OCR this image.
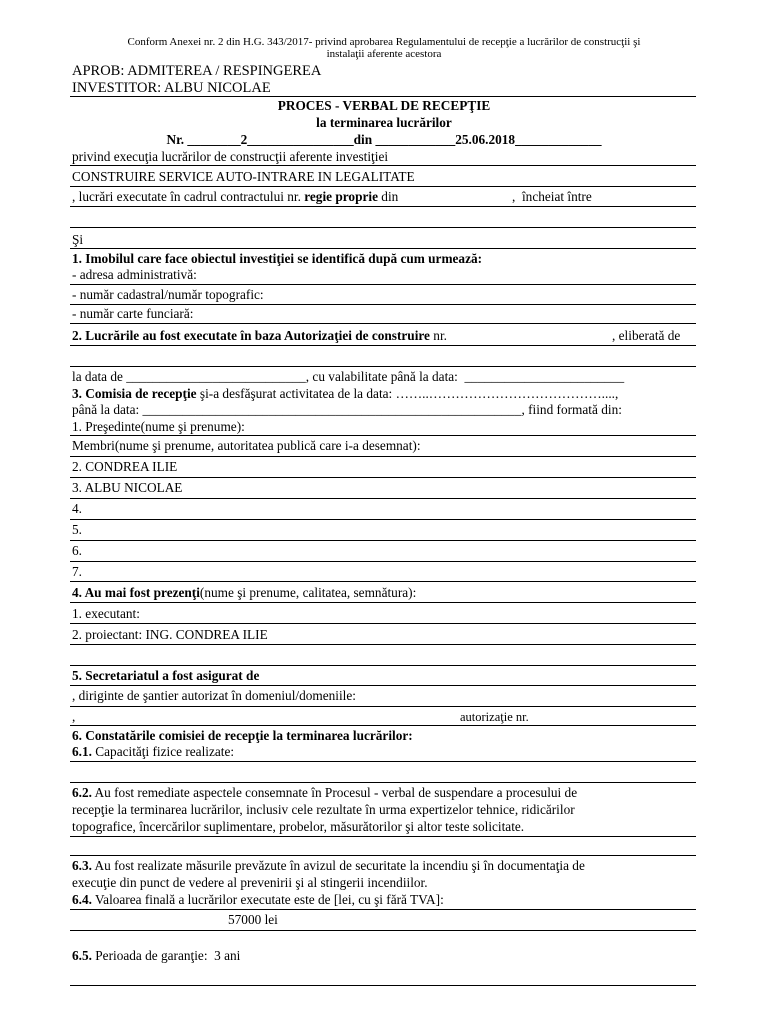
Conform Anexei nr. 2 din H.G. 343/2017- privind aprobarea Regulamentului de recepţie a lucrărilor de construcţii şi
instalaţii aferente acestora
APROB: ADMITEREA / RESPINGEREA
INVESTITOR: ALBU NICOLAE
PROCES - VERBAL DE RECEPŢIE
la terminarea lucrărilor
Nr. ________2________________din ____________25.06.2018_____________
privind execuţia lucrărilor de construcţii aferente investiţiei
CONSTRUIRE SERVICE AUTO-INTRARE IN LEGALITATE
, lucrări executate în cadrul contractului nr. regie proprie din	,  încheiat între
Şi
1. Imobilul care face obiectul investiţiei se identifică după cum urmează:
- adresa administrativă:
- număr cadastral/număr topografic:
- număr carte funciară:
2. Lucrările au fost executate în baza Autorizaţiei de construire nr.	, eliberată de
la data de ___________________________, cu valabilitate până la data:  ________________________
3. Comisia de recepţie şi-a desfăşurat activitatea de la data: ……..…………………………………....,
până la data: _________________________________________________________, fiind formată din:
1. Preşedinte(nume şi prenume):
Membri(nume şi prenume, autoritatea publică care i-a desemnat):
2. CONDREA ILIE
3. ALBU NICOLAE
4.
5.
6.
7.
4. Au mai fost prezenţi(nume şi prenume, calitatea, semnătura):
1. executant:
2. proiectant: ING. CONDREA ILIE
5. Secretariatul a fost asigurat de
, diriginte de şantier autorizat în domeniul/domeniile:
,	autorizaţie nr.
6. Constatările comisiei de recepţie la terminarea lucrărilor:
6.1. Capacităţi fizice realizate:
6.2. Au fost remediate aspectele consemnate în Procesul - verbal de suspendare a procesului de
recepţie la terminarea lucrărilor, inclusiv cele rezultate în urma expertizelor tehnice, ridicărilor
topografice, încercărilor suplimentare, probelor, măsurătorilor şi altor teste solicitate.
6.3. Au fost realizate măsurile prevăzute în avizul de securitate la incendiu şi în documentaţia de
execuţie din punct de vedere al prevenirii şi al stingerii incendiilor.
6.4. Valoarea finală a lucrărilor executate este de [lei, cu şi fără TVA]:
57000 lei
6.5. Perioada de garanţie:  3 ani
